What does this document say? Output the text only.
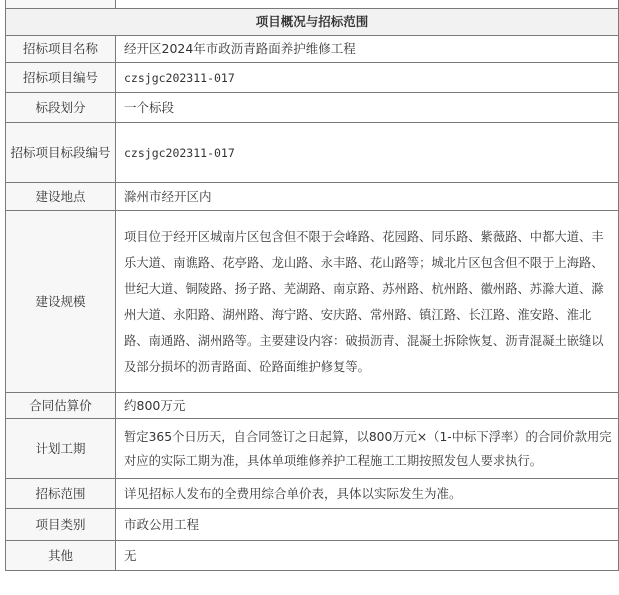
项目概况与招标范围	
招标项目名称	经开区2024年市政沥青路面养护维修工程
招标项目编号	czsjgc202311-017
标段划分	一个标段
招标项目标段编号	czsjgc202311-017
建设地点	滁州市经开区内
建设规模	项目位于经开区城南片区包含但不限于会峰路、花园路、同乐路、紫薇路、中都大道、丰乐大道、南谯路、花亭路、龙山路、永丰路、花山路等；城北片区包含但不限于上海路、世纪大道、铜陵路、扬子路、芜湖路、南京路、苏州路、杭州路、徽州路、苏滁大道、滁州大道、永阳路、湖州路、海宁路、安庆路、常州路、镇江路、长江路、淮安路、淮北路、南通路、湖州路等。主要建设内容：破损沥青、混凝土拆除恢复、沥青混凝土嵌缝以及部分损坏的沥青路面、砼路面维护修复等。
合同估算价	约800万元
计划工期	暂定365个日历天，自合同签订之日起算，以800万元×（1-中标下浮率）的合同价款用完对应的实际工期为准，具体单项维修养护工程施工工期按照发包人要求执行。
招标范围	详见招标人发布的全费用综合单价表，具体以实际发生为准。
项目类别	市政公用工程
其他	无
